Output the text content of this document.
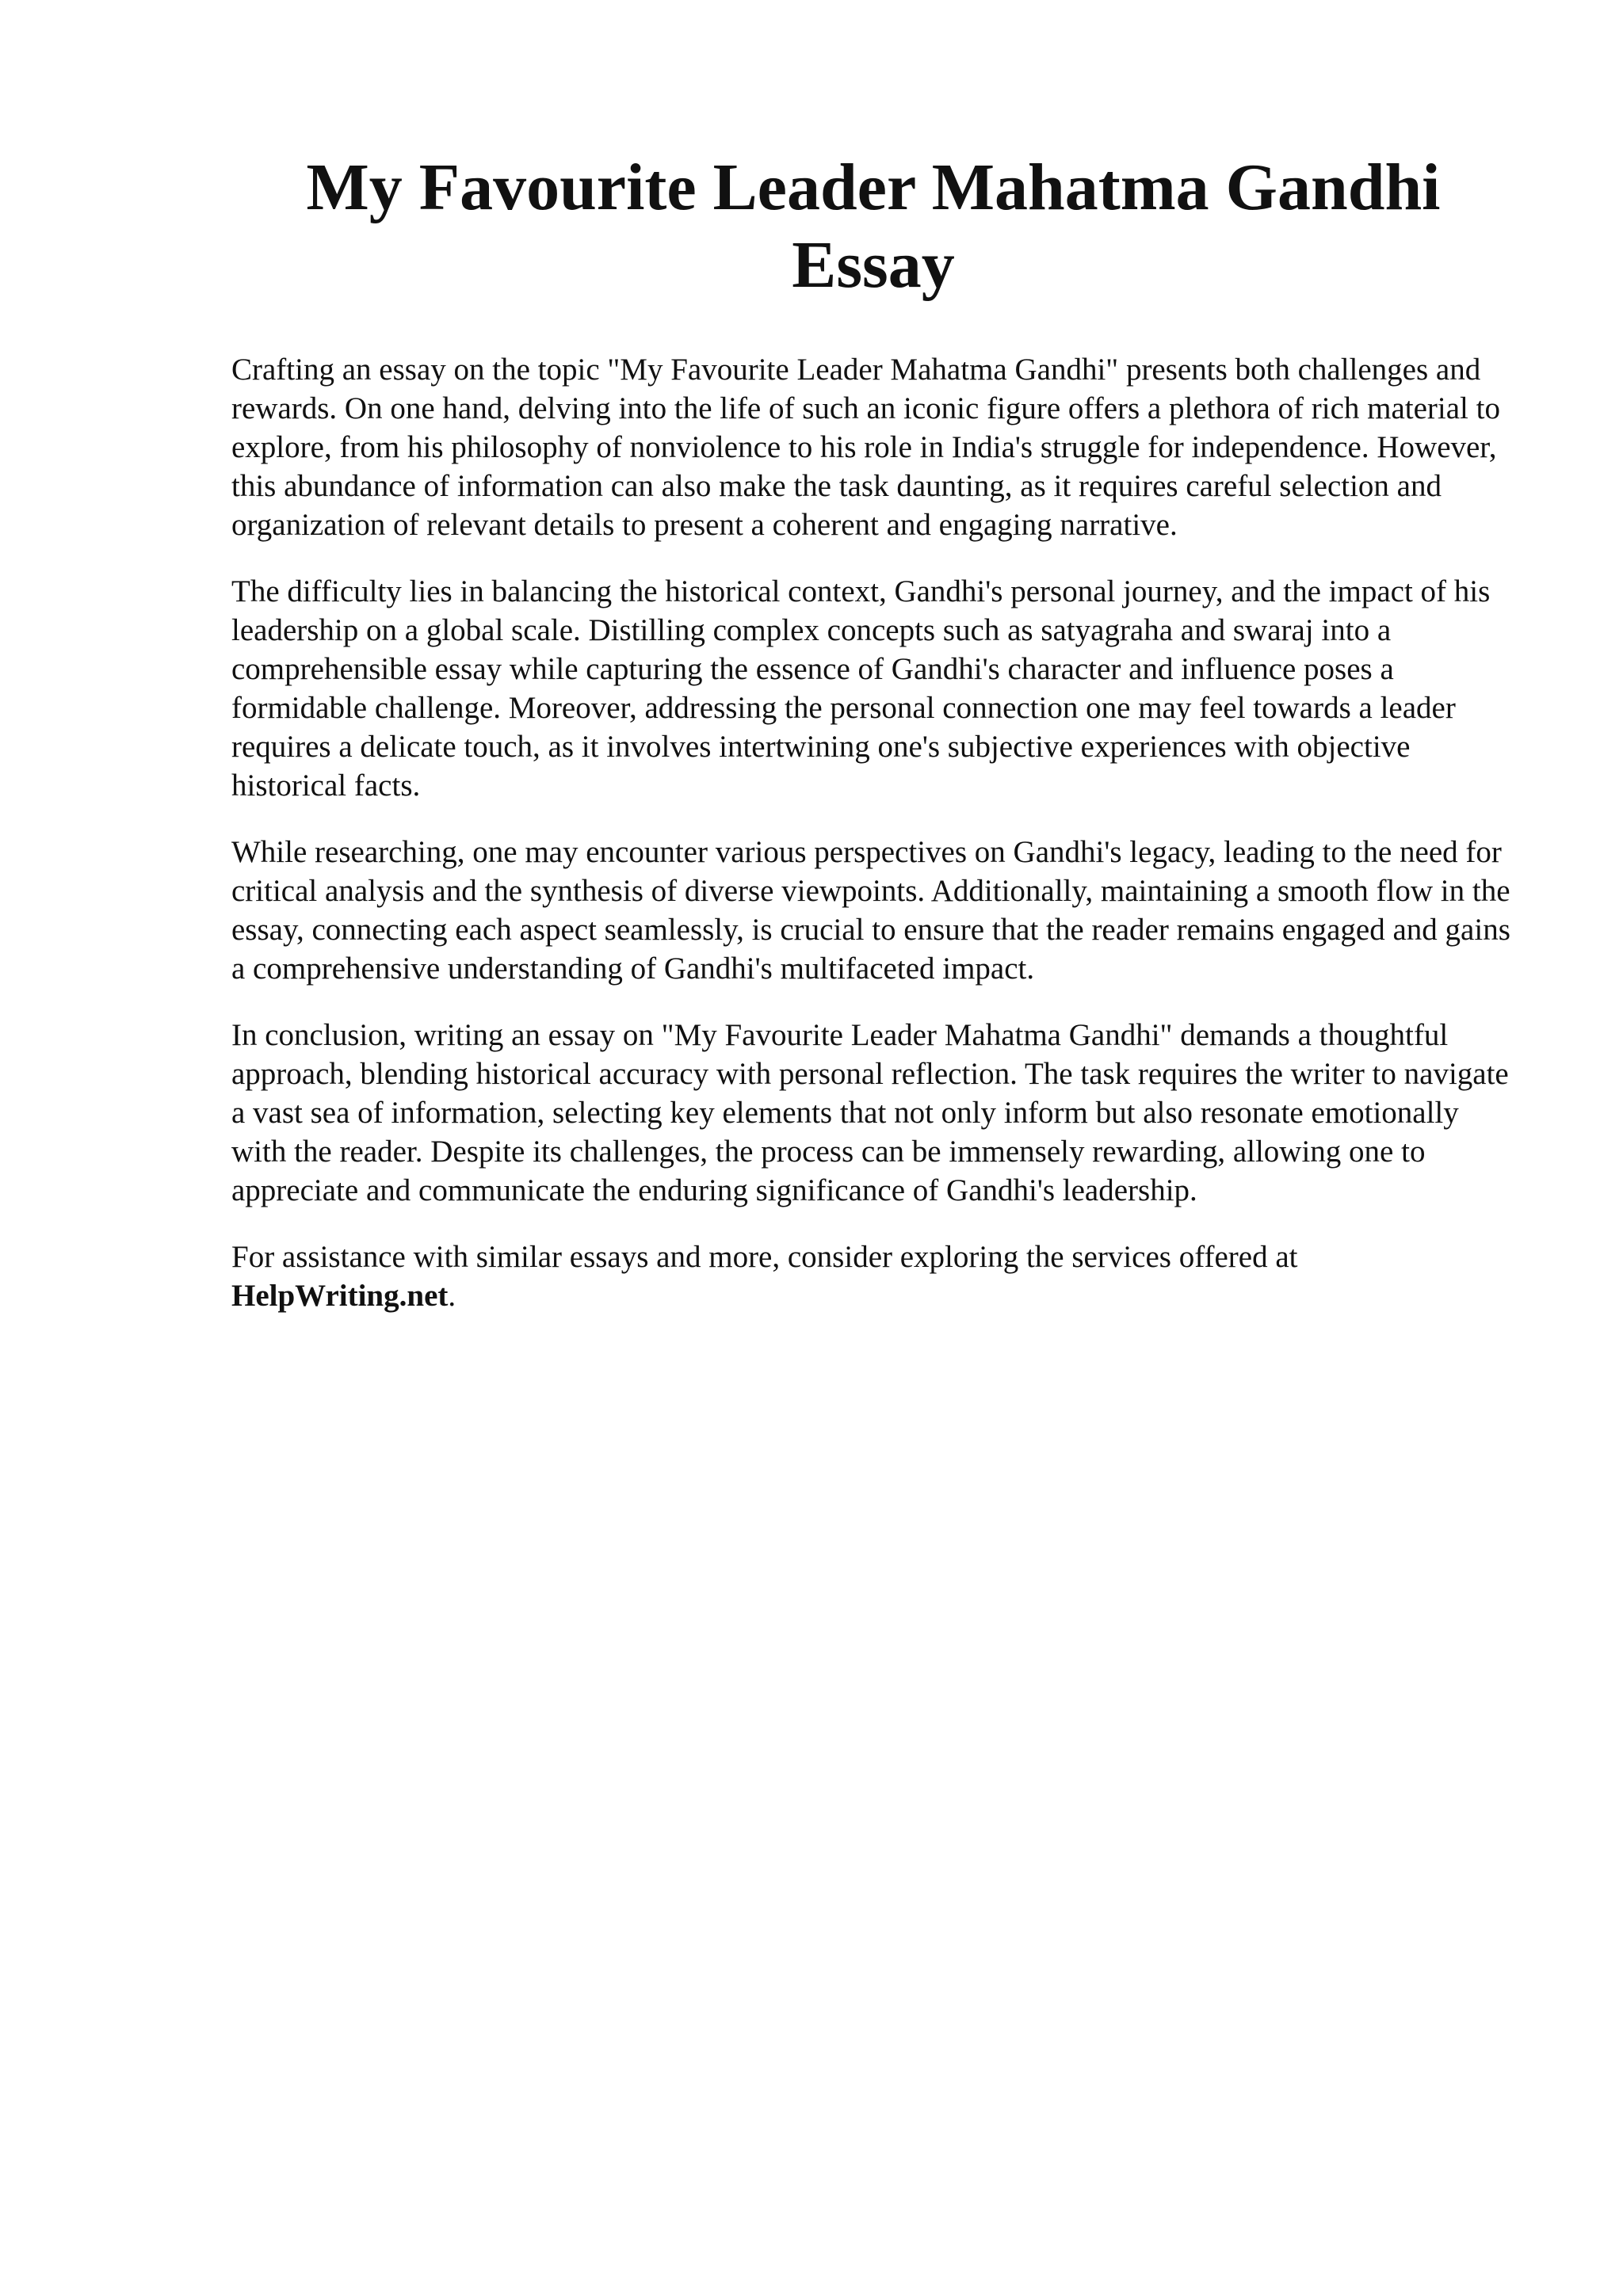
My Favourite Leader Mahatma Gandhi
Essay

Crafting an essay on the topic "My Favourite Leader Mahatma Gandhi" presents both challenges and rewards. On one hand, delving into the life of such an iconic figure offers a plethora of rich material to explore, from his philosophy of nonviolence to his role in India's struggle for independence. However, this abundance of information can also make the task daunting, as it requires careful selection and organization of relevant details to present a coherent and engaging narrative.

The difficulty lies in balancing the historical context, Gandhi's personal journey, and the impact of his leadership on a global scale. Distilling complex concepts such as satyagraha and swaraj into a comprehensible essay while capturing the essence of Gandhi's character and influence poses a formidable challenge. Moreover, addressing the personal connection one may feel towards a leader requires a delicate touch, as it involves intertwining one's subjective experiences with objective historical facts.

While researching, one may encounter various perspectives on Gandhi's legacy, leading to the need for critical analysis and the synthesis of diverse viewpoints. Additionally, maintaining a smooth flow in the essay, connecting each aspect seamlessly, is crucial to ensure that the reader remains engaged and gains a comprehensive understanding of Gandhi's multifaceted impact.

In conclusion, writing an essay on "My Favourite Leader Mahatma Gandhi" demands a thoughtful approach, blending historical accuracy with personal reflection. The task requires the writer to navigate a vast sea of information, selecting key elements that not only inform but also resonate emotionally with the reader. Despite its challenges, the process can be immensely rewarding, allowing one to appreciate and communicate the enduring significance of Gandhi's leadership.

For assistance with similar essays and more, consider exploring the services offered at HelpWriting.net.
